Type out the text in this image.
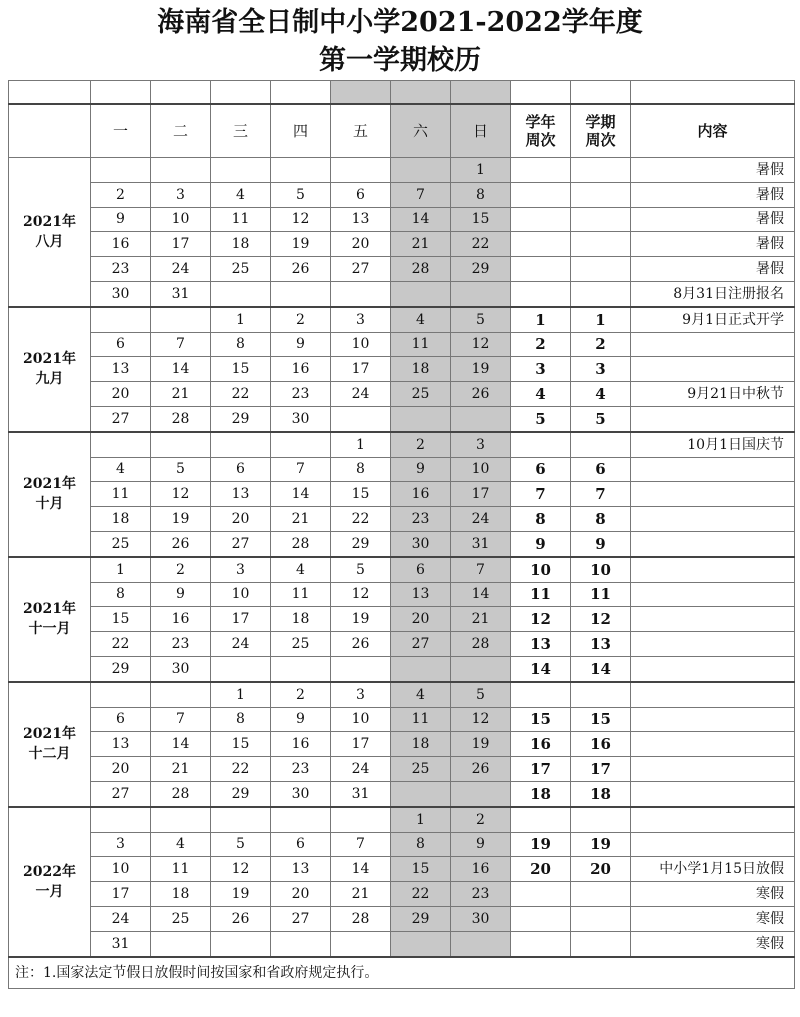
海南省全日制中小学2021-2022学年度
第一学期校历

	一	二	三	四	五	六	日	学年
周次	学期
周次	内容
2021年
八月							1			暑假
	2	3	4	5	6	7	8			暑假
	9	10	11	12	13	14	15			暑假
	16	17	18	19	20	21	22			暑假
	23	24	25	26	27	28	29			暑假
	30	31								8月31日注册报名
2021年
九月			1	2	3	4	5	1	1	9月1日正式开学
	6	7	8	9	10	11	12	2	2	
	13	14	15	16	17	18	19	3	3	
	20	21	22	23	24	25	26	4	4	9月21日中秋节
	27	28	29	30				5	5	
2021年
十月					1	2	3			10月1日国庆节
	4	5	6	7	8	9	10	6	6	
	11	12	13	14	15	16	17	7	7	
	18	19	20	21	22	23	24	8	8	
	25	26	27	28	29	30	31	9	9	
2021年
十一月	1	2	3	4	5	6	7	10	10	
	8	9	10	11	12	13	14	11	11	
	15	16	17	18	19	20	21	12	12	
	22	23	24	25	26	27	28	13	13	
	29	30						14	14	
2021年
十二月			1	2	3	4	5			
	6	7	8	9	10	11	12	15	15	
	13	14	15	16	17	18	19	16	16	
	20	21	22	23	24	25	26	17	17	
	27	28	29	30	31			18	18	
2022年
一月						1	2			
	3	4	5	6	7	8	9	19	19	
	10	11	12	13	14	15	16	20	20	中小学1月15日放假
	17	18	19	20	21	22	23			寒假
	24	25	26	27	28	29	30			寒假
	31									寒假
注：1.国家法定节假日放假时间按国家和省政府规定执行。										
